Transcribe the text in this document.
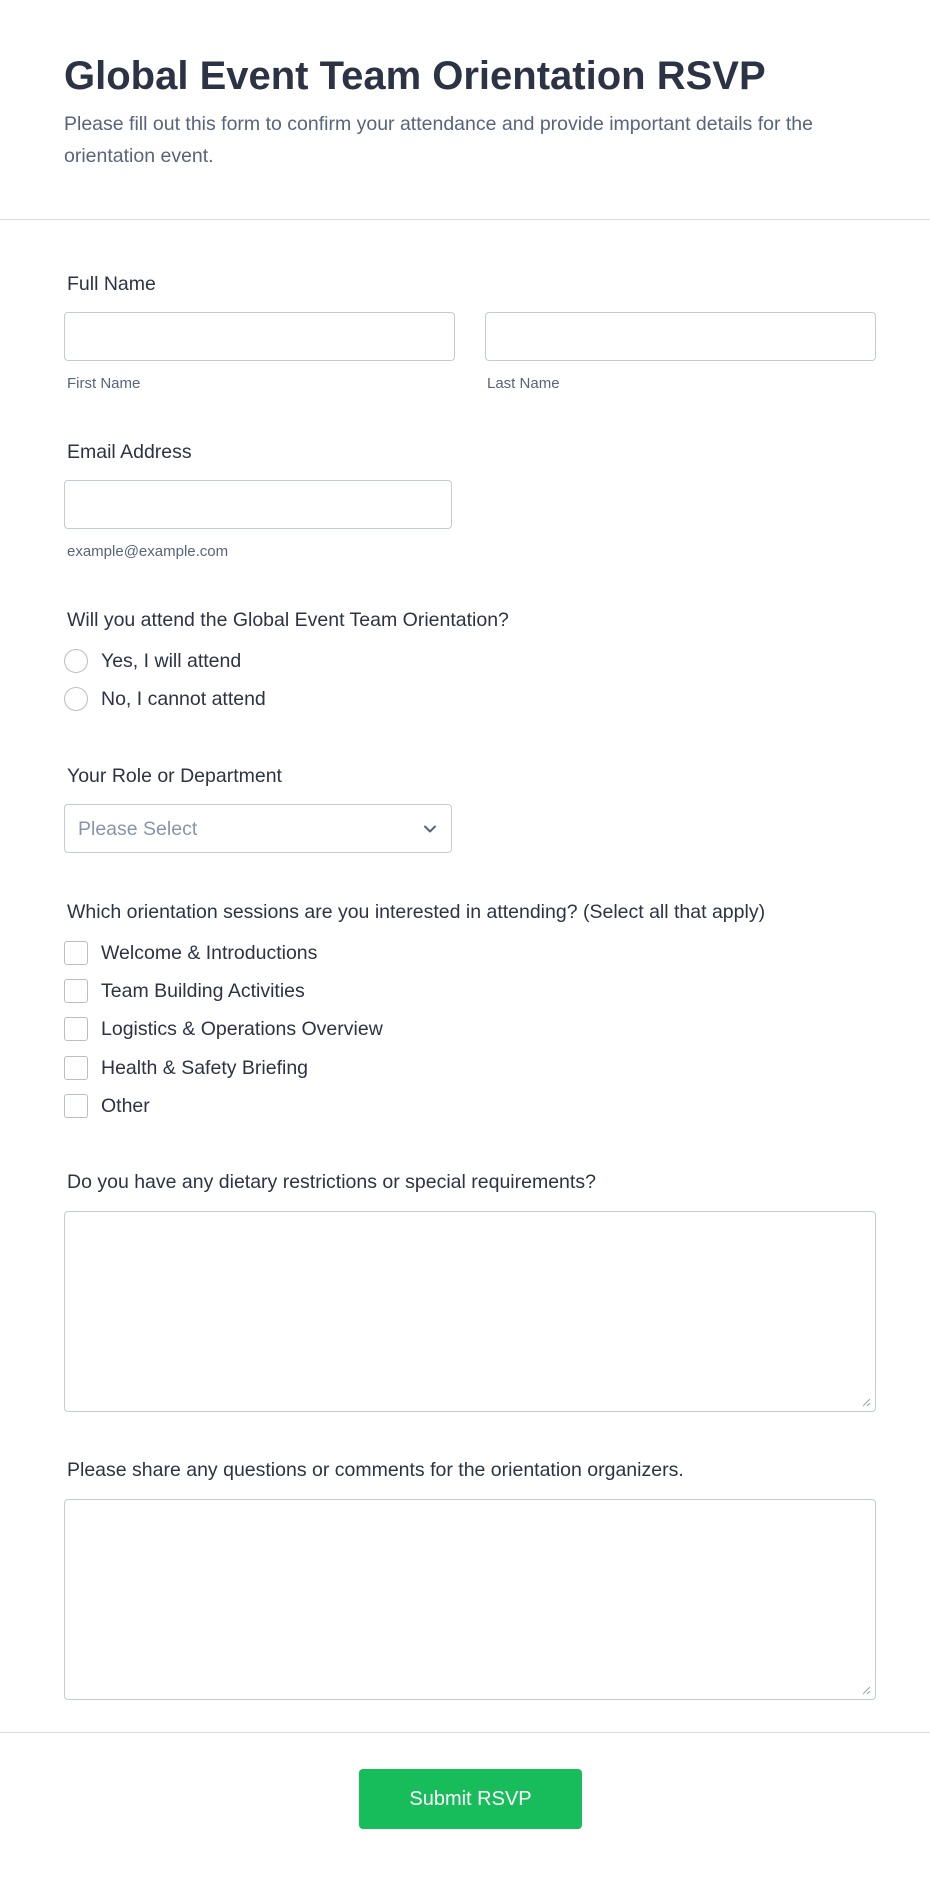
Global Event Team Orientation RSVP

Please fill out this form to confirm your attendance and provide important details for the orientation event.

Full Name
First Name	Last Name
Email Address
example@example.com
Will you attend the Global Event Team Orientation?
Yes, I will attend
No, I cannot attend
Your Role or Department
Please Select
Which orientation sessions are you interested in attending? (Select all that apply)
Welcome & Introductions
Team Building Activities
Logistics & Operations Overview
Health & Safety Briefing
Other
Do you have any dietary restrictions or special requirements?
Please share any questions or comments for the orientation organizers.
Submit RSVP
